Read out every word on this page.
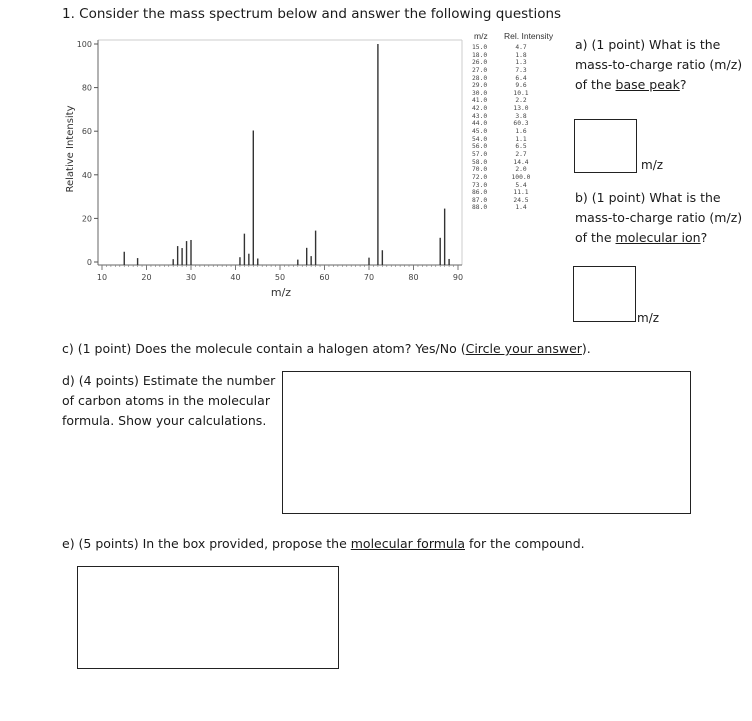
1. Consider the mass spectrum below and answer the following questions
0
20
40
60
80
100
10	20	30	40	50	60	70	80	90
m/z
Relative Intensity
m/z Rel. Intensity
15.0	4.7
18.0	1.8
26.0	1.3
27.0	7.3
28.0	6.4
29.0	9.6
30.0	10.1
41.0	2.2
42.0	13.0
43.0	3.8
44.0	60.3
45.0	1.6
54.0	1.1
56.0	6.5
57.0	2.7
58.0	14.4
70.0	2.0
72.0	100.0
73.0	5.4
86.0	11.1
87.0	24.5
88.0	1.4
a) (1 point) What is the mass-to-charge ratio (m/z) of the base peak?
m/z
b) (1 point) What is the mass-to-charge ratio (m/z) of the molecular ion?
m/z
c) (1 point) Does the molecule contain a halogen atom? Yes/No (Circle your answer).
d) (4 points) Estimate the number of carbon atoms in the molecular formula. Show your calculations.
e) (5 points) In the box provided, propose the molecular formula for the compound.
